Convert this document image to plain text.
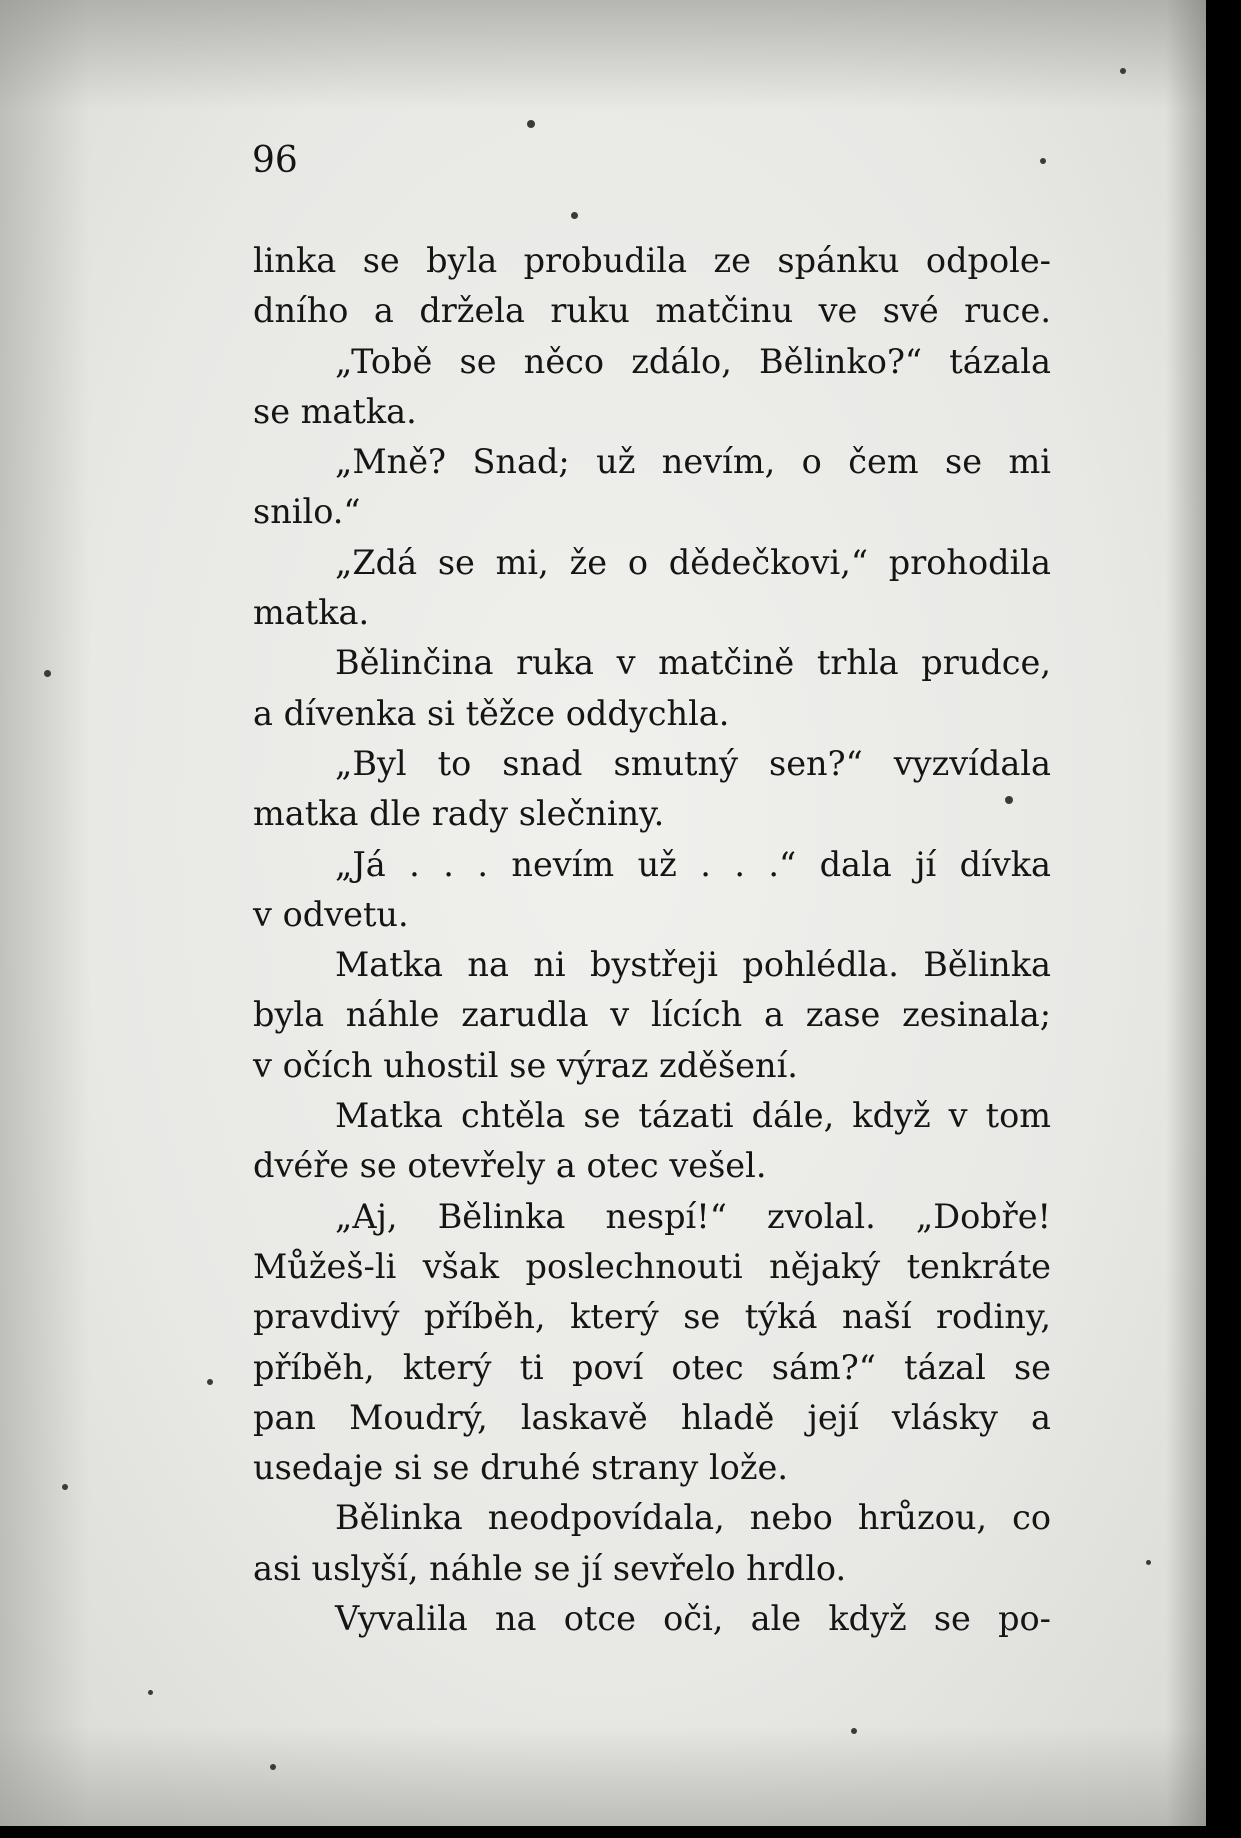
96
linka se byla probudila ze spánku odpole-
dního a držela ruku matčinu ve své ruce.
„Tobě se něco zdálo, Bělinko?“ tázala
se matka.
„Mně? Snad; už nevím, o čem se mi
snilo.“
„Zdá se mi, že o dědečkovi,“ prohodila
matka.
Bělinčina ruka v matčině trhla prudce,
a dívenka si těžce oddychla.
„Byl to snad smutný sen?“ vyzvídala
matka dle rady slečniny.
„Já . . . nevím už . . .“ dala jí dívka
v odvetu.
Matka na ni bystřeji pohlédla. Bělinka
byla náhle zarudla v lících a zase zesinala;
v očích uhostil se výraz zděšení.
Matka chtěla se tázati dále, když v tom
dvéře se otevřely a otec vešel.
„Aj, Bělinka nespí!“ zvolal. „Dobře!
Můžeš-li však poslechnouti nějaký tenkráte
pravdivý příběh, který se týká naší rodiny,
příběh, který ti poví otec sám?“ tázal se
pan Moudrý, laskavě hladě její vlásky a
usedaje si se druhé strany lože.
Bělinka neodpovídala, nebo hrůzou, co
asi uslyší, náhle se jí sevřelo hrdlo.
Vyvalila na otce oči, ale když se po-
